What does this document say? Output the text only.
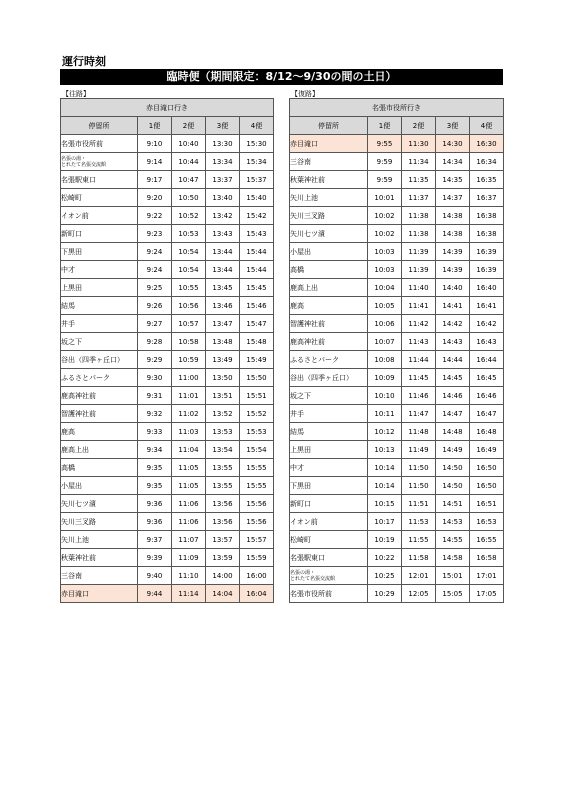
運行時刻
臨時便（期間限定：8/12〜9/30の間の土日）
【往路】	【復路】
赤目滝口行き				
停留所	1便	2便	3便	4便
名張市役所前	9:10	10:40	13:30	15:30
名張の湯・
とれたて名張交流館	9:14	10:44	13:34	15:34
名張駅東口	9:17	10:47	13:37	15:37
松崎町	9:20	10:50	13:40	15:40
イオン前	9:22	10:52	13:42	15:42
新町口	9:23	10:53	13:43	15:43
下黒田	9:24	10:54	13:44	15:44
中才	9:24	10:54	13:44	15:44
上黒田	9:25	10:55	13:45	15:45
結馬	9:26	10:56	13:46	15:46
井手	9:27	10:57	13:47	15:47
坂之下	9:28	10:58	13:48	15:48
谷出（四季ヶ丘口）	9:29	10:59	13:49	15:49
ふるさとパーク	9:30	11:00	13:50	15:50
鹿高神社前	9:31	11:01	13:51	15:51
智護神社前	9:32	11:02	13:52	15:52
鹿高	9:33	11:03	13:53	15:53
鹿高上出	9:34	11:04	13:54	15:54
高橋	9:35	11:05	13:55	15:55
小屋出	9:35	11:05	13:55	15:55
矢川七ツ濱	9:36	11:06	13:56	15:56
矢川三叉路	9:36	11:06	13:56	15:56
矢川上池	9:37	11:07	13:57	15:57
秋葉神社前	9:39	11:09	13:59	15:59
三谷南	9:40	11:10	14:00	16:00
赤目滝口	9:44	11:14	14:04	16:04
名張市役所行き				
停留所	1便	2便	3便	4便
赤目滝口	9:55	11:30	14:30	16:30
三谷南	9:59	11:34	14:34	16:34
秋葉神社前	9:59	11:35	14:35	16:35
矢川上池	10:01	11:37	14:37	16:37
矢川三叉路	10:02	11:38	14:38	16:38
矢川七ツ濱	10:02	11:38	14:38	16:38
小屋出	10:03	11:39	14:39	16:39
高橋	10:03	11:39	14:39	16:39
鹿高上出	10:04	11:40	14:40	16:40
鹿高	10:05	11:41	14:41	16:41
智護神社前	10:06	11:42	14:42	16:42
鹿高神社前	10:07	11:43	14:43	16:43
ふるさとパーク	10:08	11:44	14:44	16:44
谷出（四季ヶ丘口）	10:09	11:45	14:45	16:45
坂之下	10:10	11:46	14:46	16:46
井手	10:11	11:47	14:47	16:47
結馬	10:12	11:48	14:48	16:48
上黒田	10:13	11:49	14:49	16:49
中才	10:14	11:50	14:50	16:50
下黒田	10:14	11:50	14:50	16:50
新町口	10:15	11:51	14:51	16:51
イオン前	10:17	11:53	14:53	16:53
松崎町	10:19	11:55	14:55	16:55
名張駅東口	10:22	11:58	14:58	16:58
名張の湯・
とれたて名張交流館	10:25	12:01	15:01	17:01
名張市役所前	10:29	12:05	15:05	17:05
